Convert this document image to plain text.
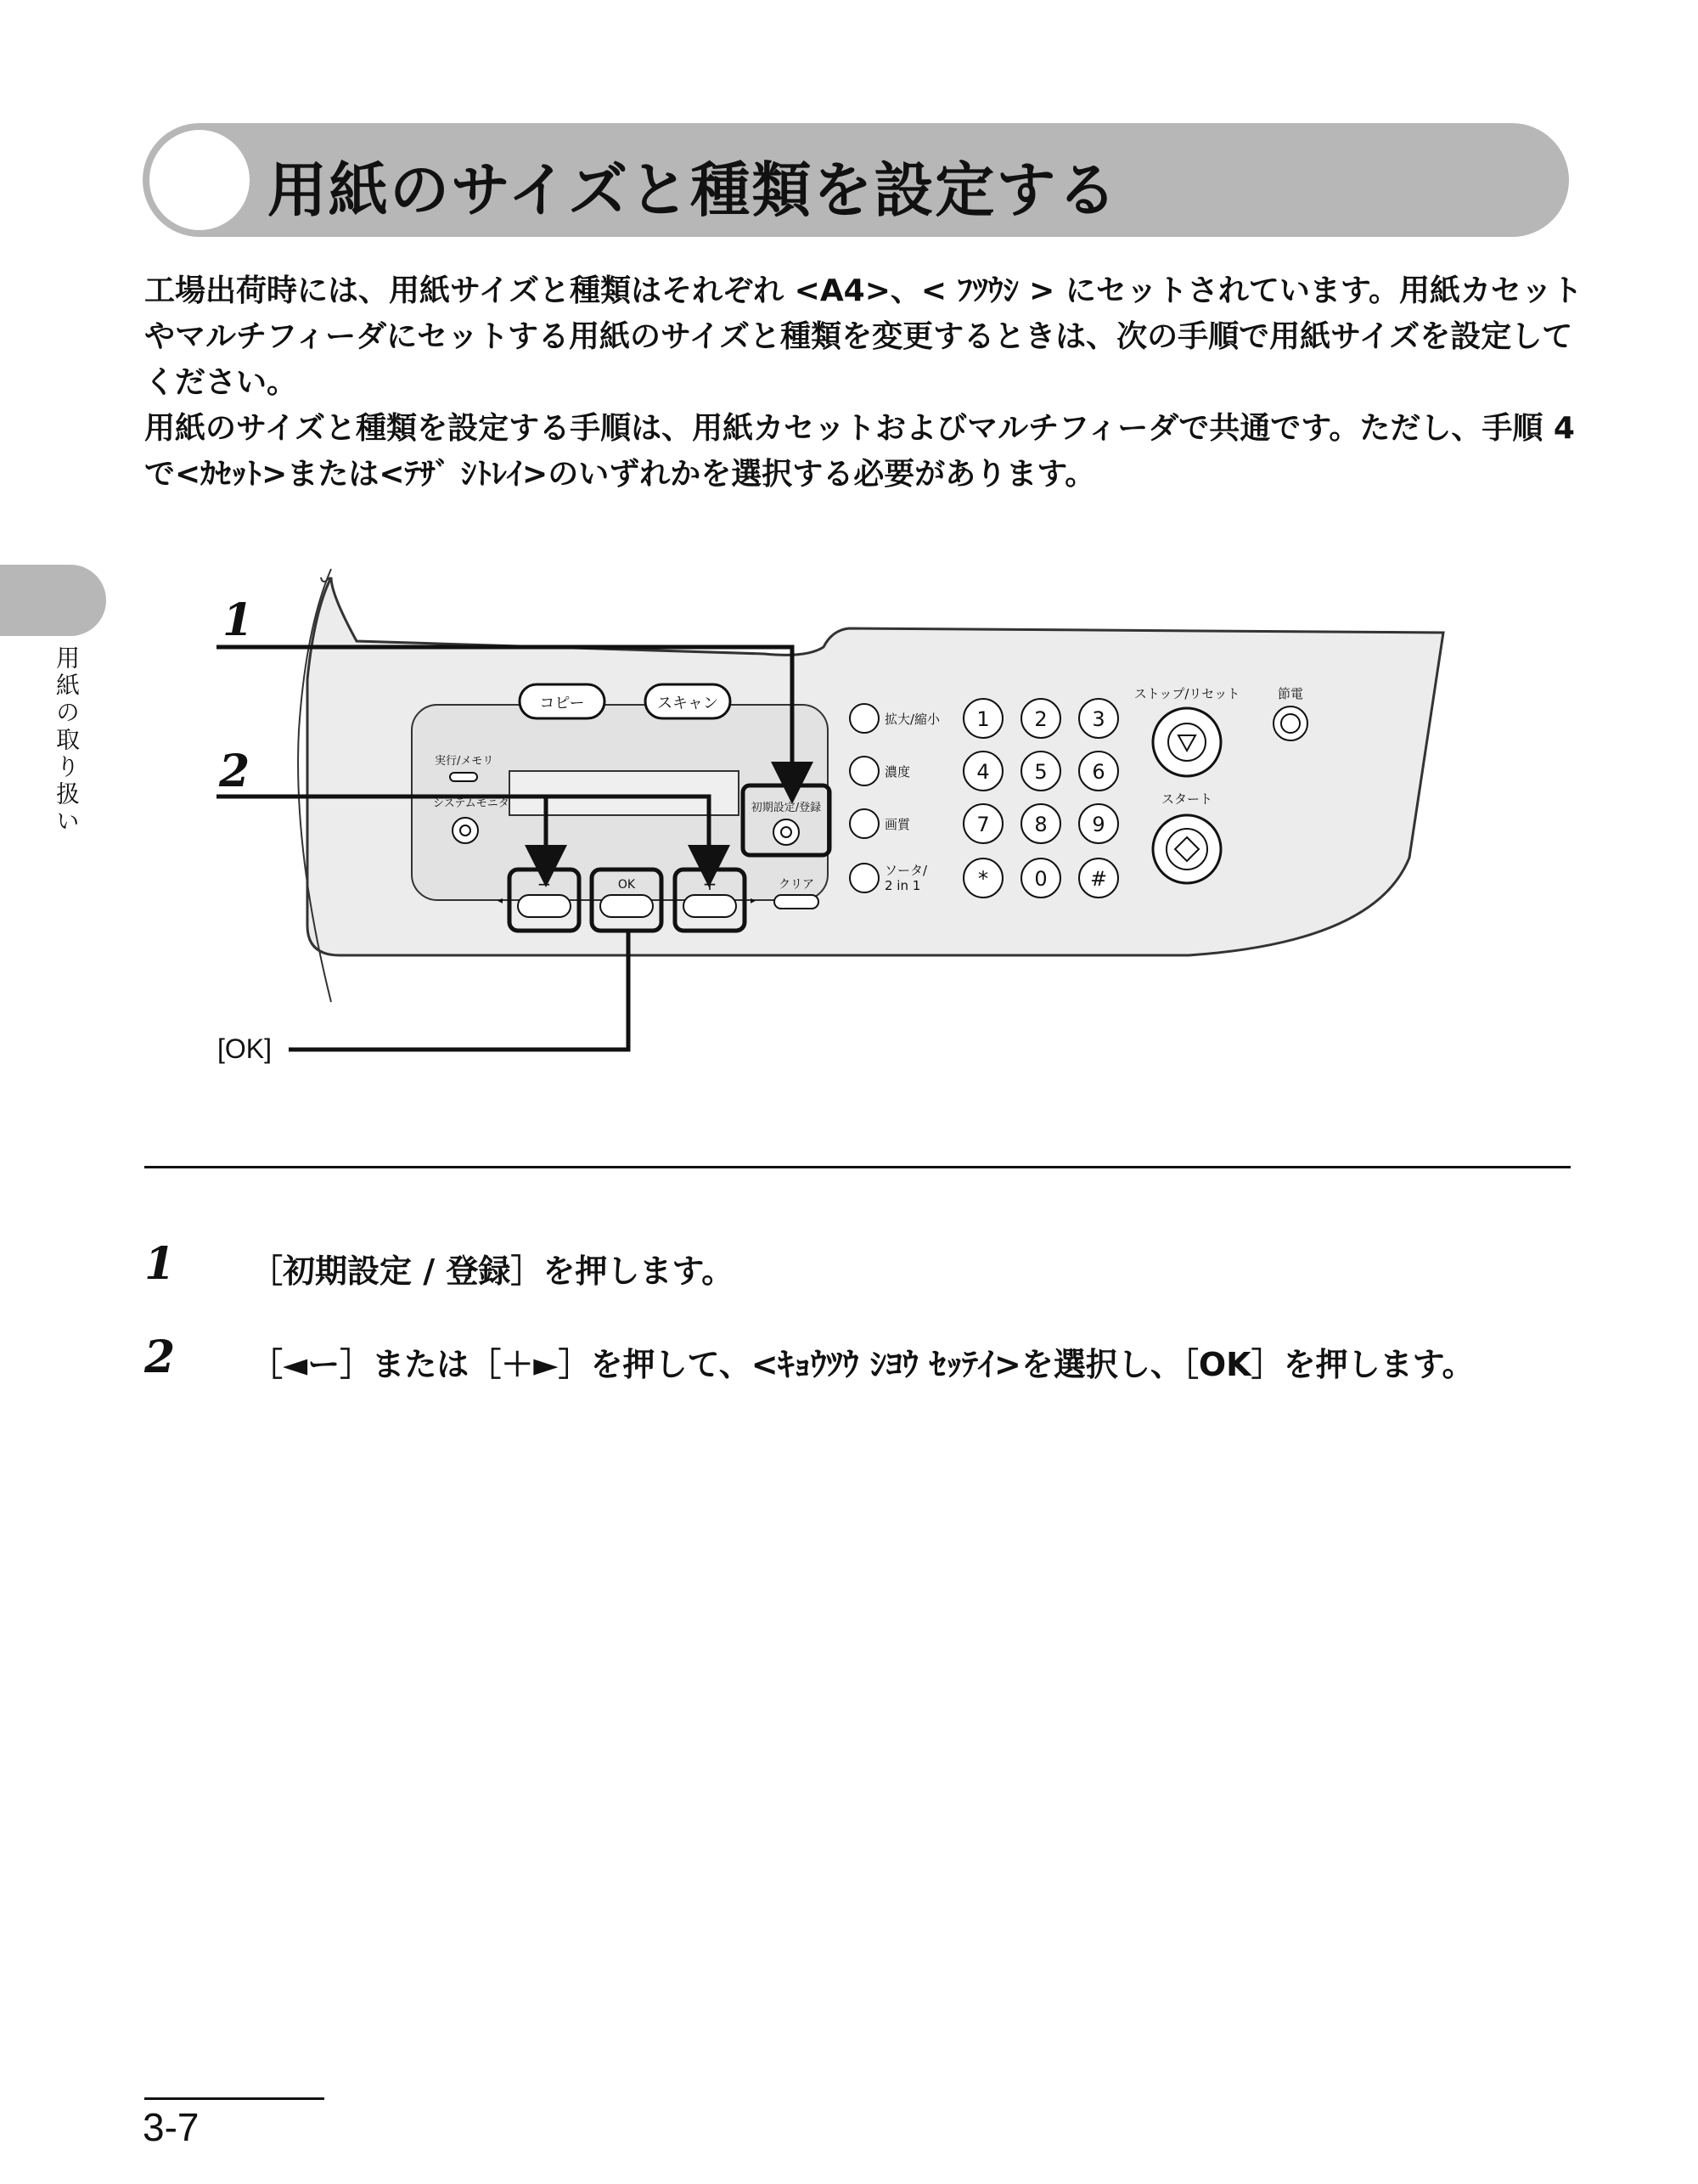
用紙のサイズと種類を設定する

工場出荷時には、用紙サイズと種類はそれぞれ <A4>、< ﾌﾂｳｼ > にセットされています。用紙カセットやマルチフィーダにセットする用紙のサイズと種類を変更するときは、次の手順で用紙サイズを設定してください。

用紙のサイズと種類を設定する手順は、用紙カセットおよびマルチフィーダで共通です。ただし、手順 4 で<ｶｾｯﾄ>または<ﾃｻﾞ ｼﾄﾚｲ>のいずれかを選択する必要があります。

用紙の取り扱い	コピー	スキャン
実行/メモリ
システムモニタ	初期設定/登録
−	OK	+
◂	▸
クリア
拡大/縮小
濃度
画質
ソータ/
2 in 1
1 2 3
4 5 6
7 8 9
* 0 #
ストップ/リセット	節電
スタート
1
2
[OK]
1 ［初期設定 / 登録］を押します。
2 ［◄ー］または［＋►］を押して、<ｷｮｳﾂｳ ｼﾖｳ ｾｯﾃｲ>を選択し、［OK］を押します。
3-7
